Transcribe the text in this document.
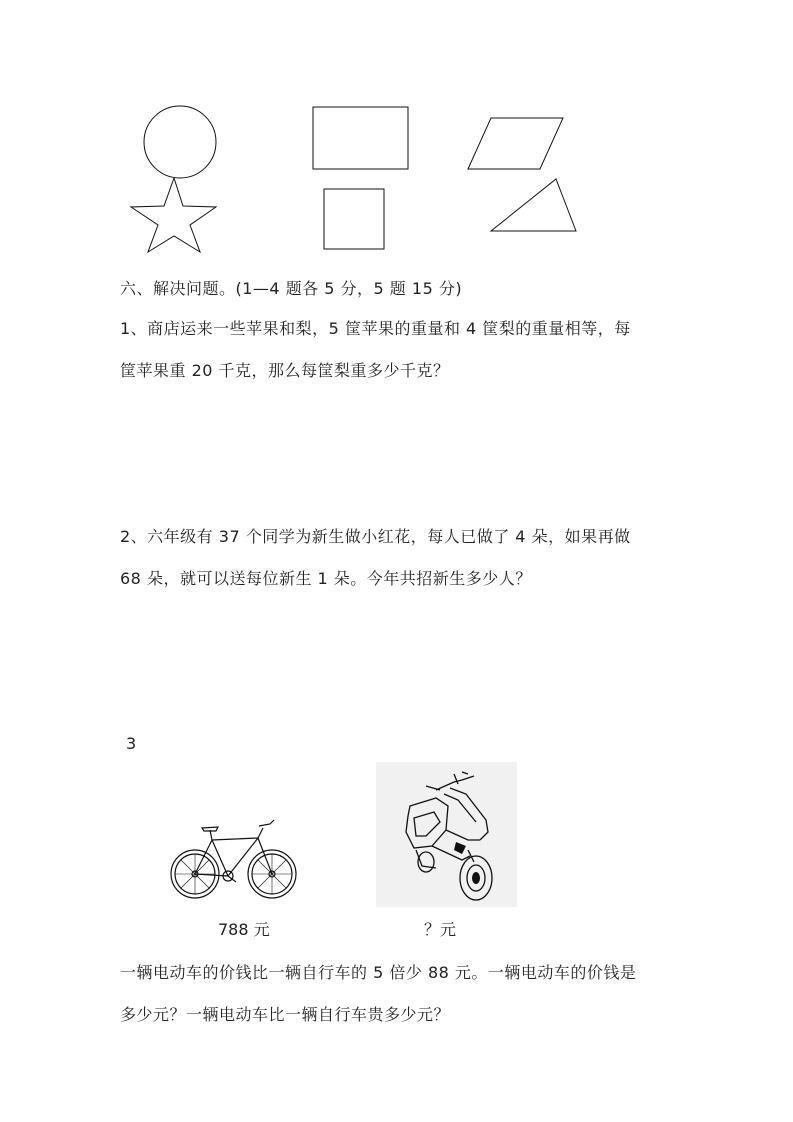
六、解决问题。(1—4 题各 5 分，5 题 15 分)
1、商店运来一些苹果和梨，5 筐苹果的重量和 4 筐梨的重量相等，每
筐苹果重 20 千克，那么每筐梨重多少千克？
2、六年级有 37 个同学为新生做小红花，每人已做了 4 朵，如果再做
68 朵，就可以送每位新生 1 朵。今年共招新生多少人？
3
788 元	？元
一辆电动车的价钱比一辆自行车的 5 倍少 88 元。一辆电动车的价钱是
多少元？一辆电动车比一辆自行车贵多少元？
